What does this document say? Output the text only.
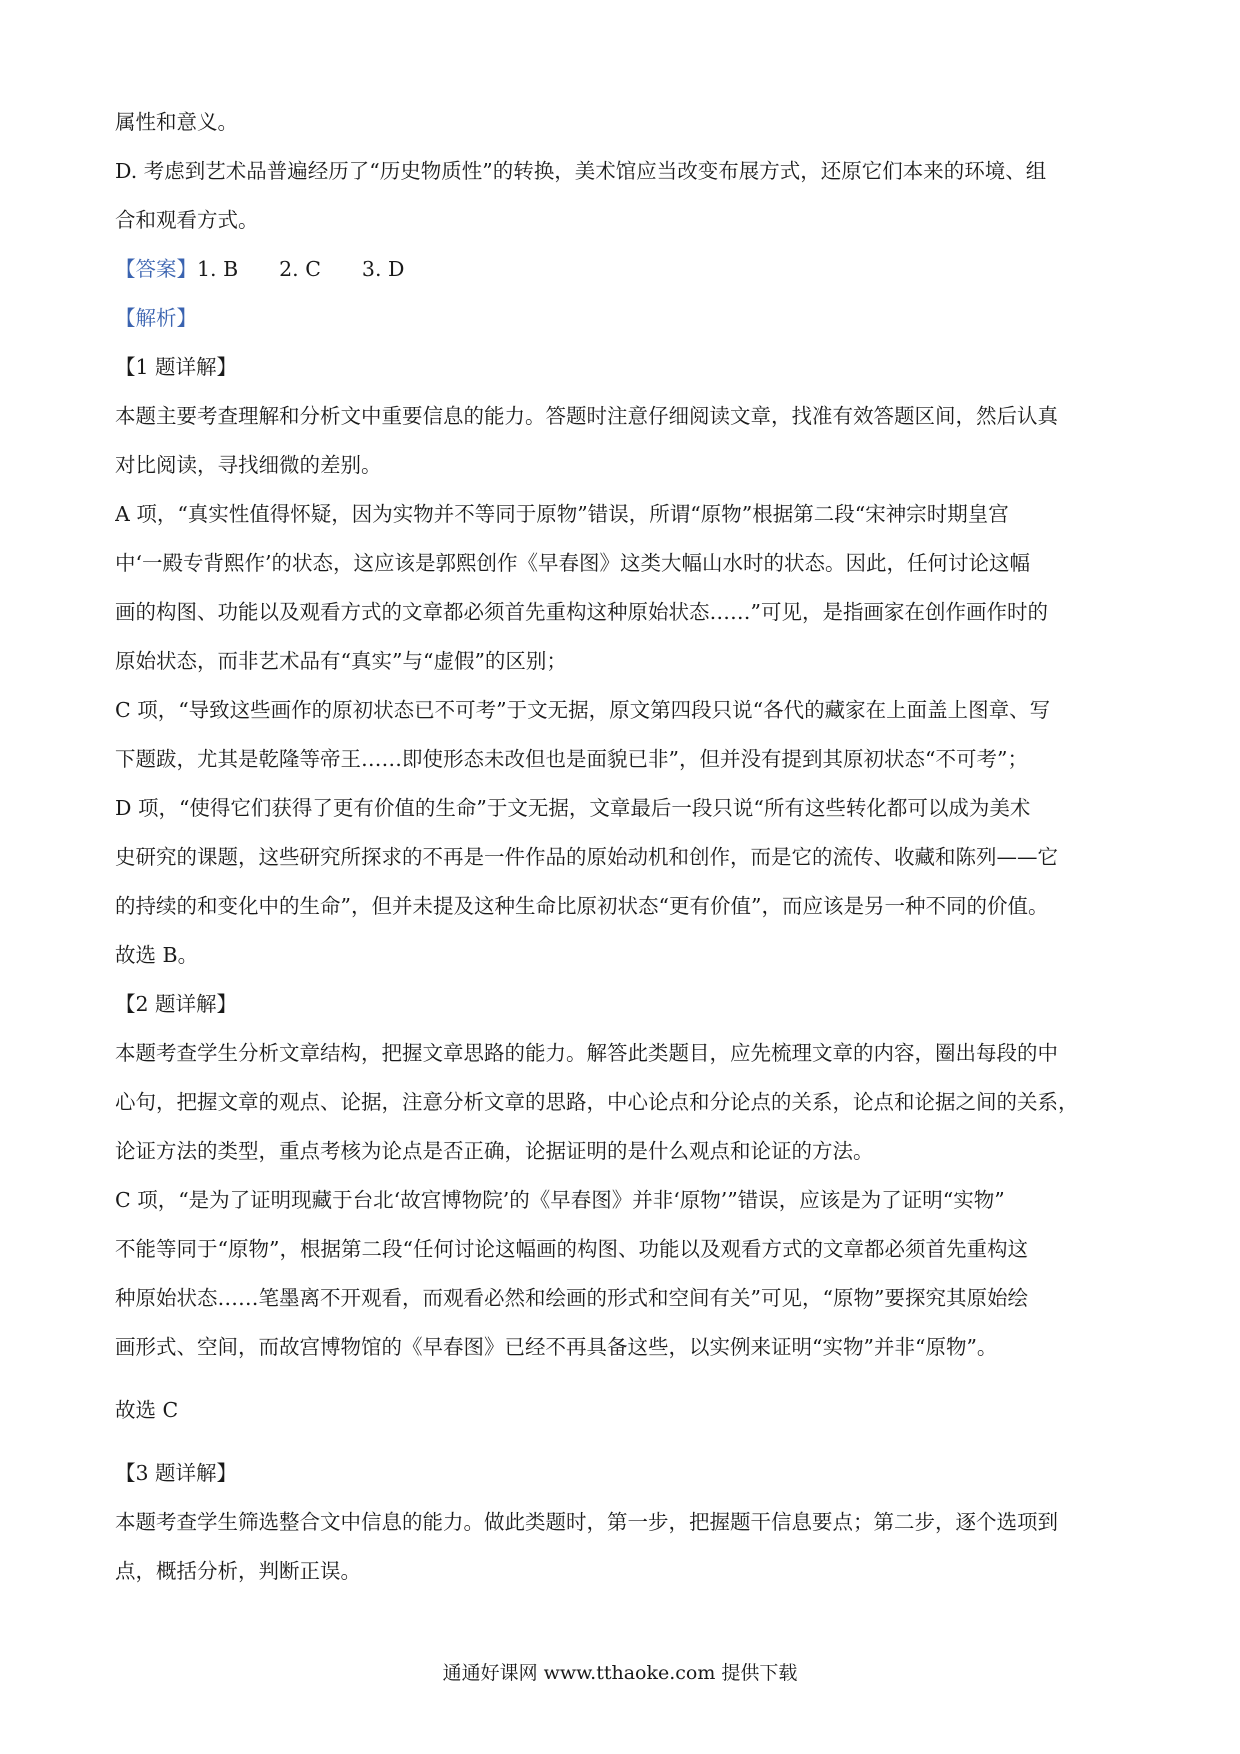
属性和意义。
D. 考虑到艺术品普遍经历了“历史物质性”的转换，美术馆应当改变布展方式，还原它们本来的环境、组
合和观看方式。
【答案】1. B　　2. C　　3. D
【解析】
【1 题详解】
本题主要考查理解和分析文中重要信息的能力。答题时注意仔细阅读文章，找准有效答题区间，然后认真
对比阅读，寻找细微的差别。
A 项，“真实性值得怀疑，因为实物并不等同于原物”错误，所谓“原物”根据第二段“宋神宗时期皇宫
中‘一殿专背熙作’的状态，这应该是郭熙创作《早春图》这类大幅山水时的状态。因此，任何讨论这幅
画的构图、功能以及观看方式的文章都必须首先重构这种原始状态……”可见，是指画家在创作画作时的
原始状态，而非艺术品有“真实”与“虚假”的区别；
C 项，“导致这些画作的原初状态已不可考”于文无据，原文第四段只说“各代的藏家在上面盖上图章、写
下题跋，尤其是乾隆等帝王……即使形态未改但也是面貌已非”，但并没有提到其原初状态“不可考”；
D 项，“使得它们获得了更有价值的生命”于文无据，文章最后一段只说“所有这些转化都可以成为美术
史研究的课题，这些研究所探求的不再是一件作品的原始动机和创作，而是它的流传、收藏和陈列——它
的持续的和变化中的生命”，但并未提及这种生命比原初状态“更有价值”，而应该是另一种不同的价值。
故选 B。
【2 题详解】
本题考查学生分析文章结构，把握文章思路的能力。解答此类题目，应先梳理文章的内容，圈出每段的中
心句，把握文章的观点、论据，注意分析文章的思路，中心论点和分论点的关系，论点和论据之间的关系，
论证方法的类型，重点考核为论点是否正确，论据证明的是什么观点和论证的方法。
C 项，“是为了证明现藏于台北‘故宫博物院’的《早春图》并非‘原物’”错误，应该是为了证明“实物”
不能等同于“原物”，根据第二段“任何讨论这幅画的构图、功能以及观看方式的文章都必须首先重构这
种原始状态……笔墨离不开观看，而观看必然和绘画的形式和空间有关”可见，“原物”要探究其原始绘
画形式、空间，而故宫博物馆的《早春图》已经不再具备这些，以实例来证明“实物”并非“原物”。
故选 C
【3 题详解】
本题考查学生筛选整合文中信息的能力。做此类题时，第一步，把握题干信息要点；第二步，逐个选项到
点，概括分析，判断正误。
通通好课网 www.tthaoke.com 提供下载
